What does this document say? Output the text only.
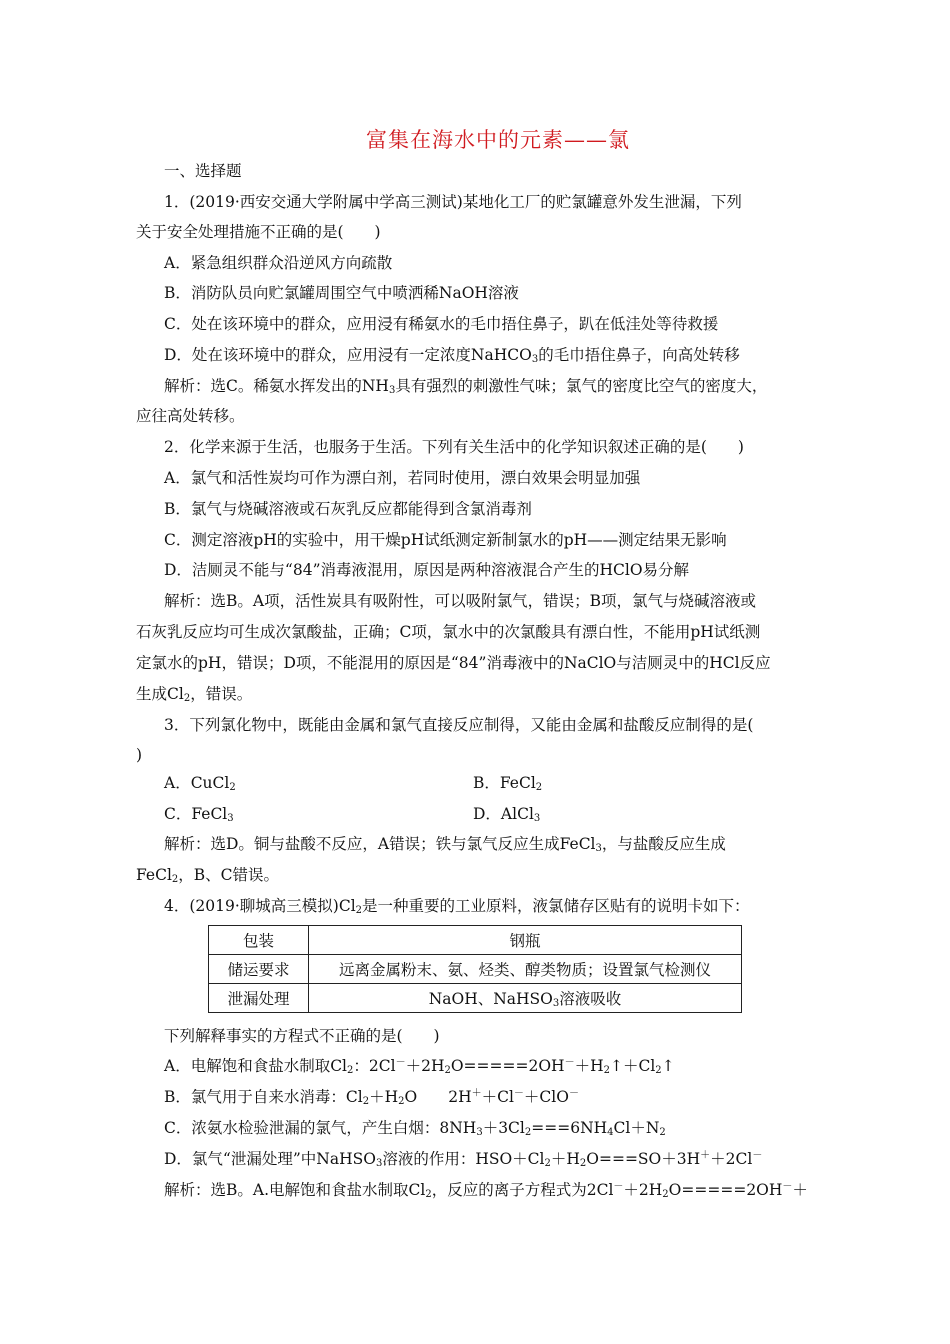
富集在海水中的元素——氯
一、选择题
1．(2019·西安交通大学附属中学高三测试)某地化工厂的贮氯罐意外发生泄漏，下列
关于安全处理措施不正确的是(　　)
A．紧急组织群众沿逆风方向疏散
B．消防队员向贮氯罐周围空气中喷洒稀NaOH溶液
C．处在该环境中的群众，应用浸有稀氨水的毛巾捂住鼻子，趴在低洼处等待救援
D．处在该环境中的群众，应用浸有一定浓度NaHCO$_3$的毛巾捂住鼻子，向高处转移
解析：选C。稀氨水挥发出的$NH_3$具有强烈的刺激性气味；氯气的密度比空气的密度大，
应往高处转移。
2．化学来源于生活，也服务于生活。下列有关生活中的化学知识叙述正确的是(　　)
A．氯气和活性炭均可作为漂白剂，若同时使用，漂白效果会明显加强
B．氯气与烧碱溶液或石灰乳反应都能得到含氯消毒剂
C．测定溶液pH的实验中，用干燥pH试纸测定新制氯水的pH——测定结果无影响
D．洁厕灵不能与“84”消毒液混用，原因是两种溶液混合产生的HClO易分解
解析：选B。A项，活性炭具有吸附性，可以吸附氯气，错误；B项，氯气与烧碱溶液或
石灰乳反应均可生成次氯酸盐，正确；C项，氯水中的次氯酸具有漂白性，不能用pH试纸测
定氯水的pH，错误；D项，不能混用的原因是“84”消毒液中的NaClO与洁厕灵中的HCl反应
生成$Cl_2$，错误。
3．下列氯化物中，既能由金属和氯气直接反应制得，又能由金属和盐酸反应制得的是(
)
A．CuCl$_2$	B．FeCl$_2$
C．FeCl$_3$	D．AlCl$_3$
解析：选D。铜与盐酸不反应，A错误；铁与氯气反应生成FeCl$_3$，与盐酸反应生成
FeCl$_2$，B、C错误。
4．(2019·聊城高三模拟)$Cl_2$是一种重要的工业原料，液氯储存区贴有的说明卡如下：
包装	钢瓶
储运要求	远离金属粉末、氨、烃类、醇类物质；设置氯气检测仪
泄漏处理	NaOH、NaHSO$_3$溶液吸收
下列解释事实的方程式不正确的是(　　)
A．电解饱和食盐水制取$Cl_2$：$2Cl^-+2H_2O=====2OH^-+H_2↑+Cl_2↑$
B．氯气用于自来水消毒：$Cl_2+H_2O$　　2H＋＋Cl－＋ClO－
C．浓氨水检验泄漏的氯气，产生白烟：$8NH_3+3Cl_2===6NH_4Cl+N_2$
D．氯气“泄漏处理”中NaHSO$_3$溶液的作用：$HSO+Cl_2+H_2O===SO+3H^++2Cl^-$
解析：选B。A.电解饱和食盐水制取$Cl_2$，反应的离子方程式为$2Cl^-+2H_2O=====2OH^-+$
